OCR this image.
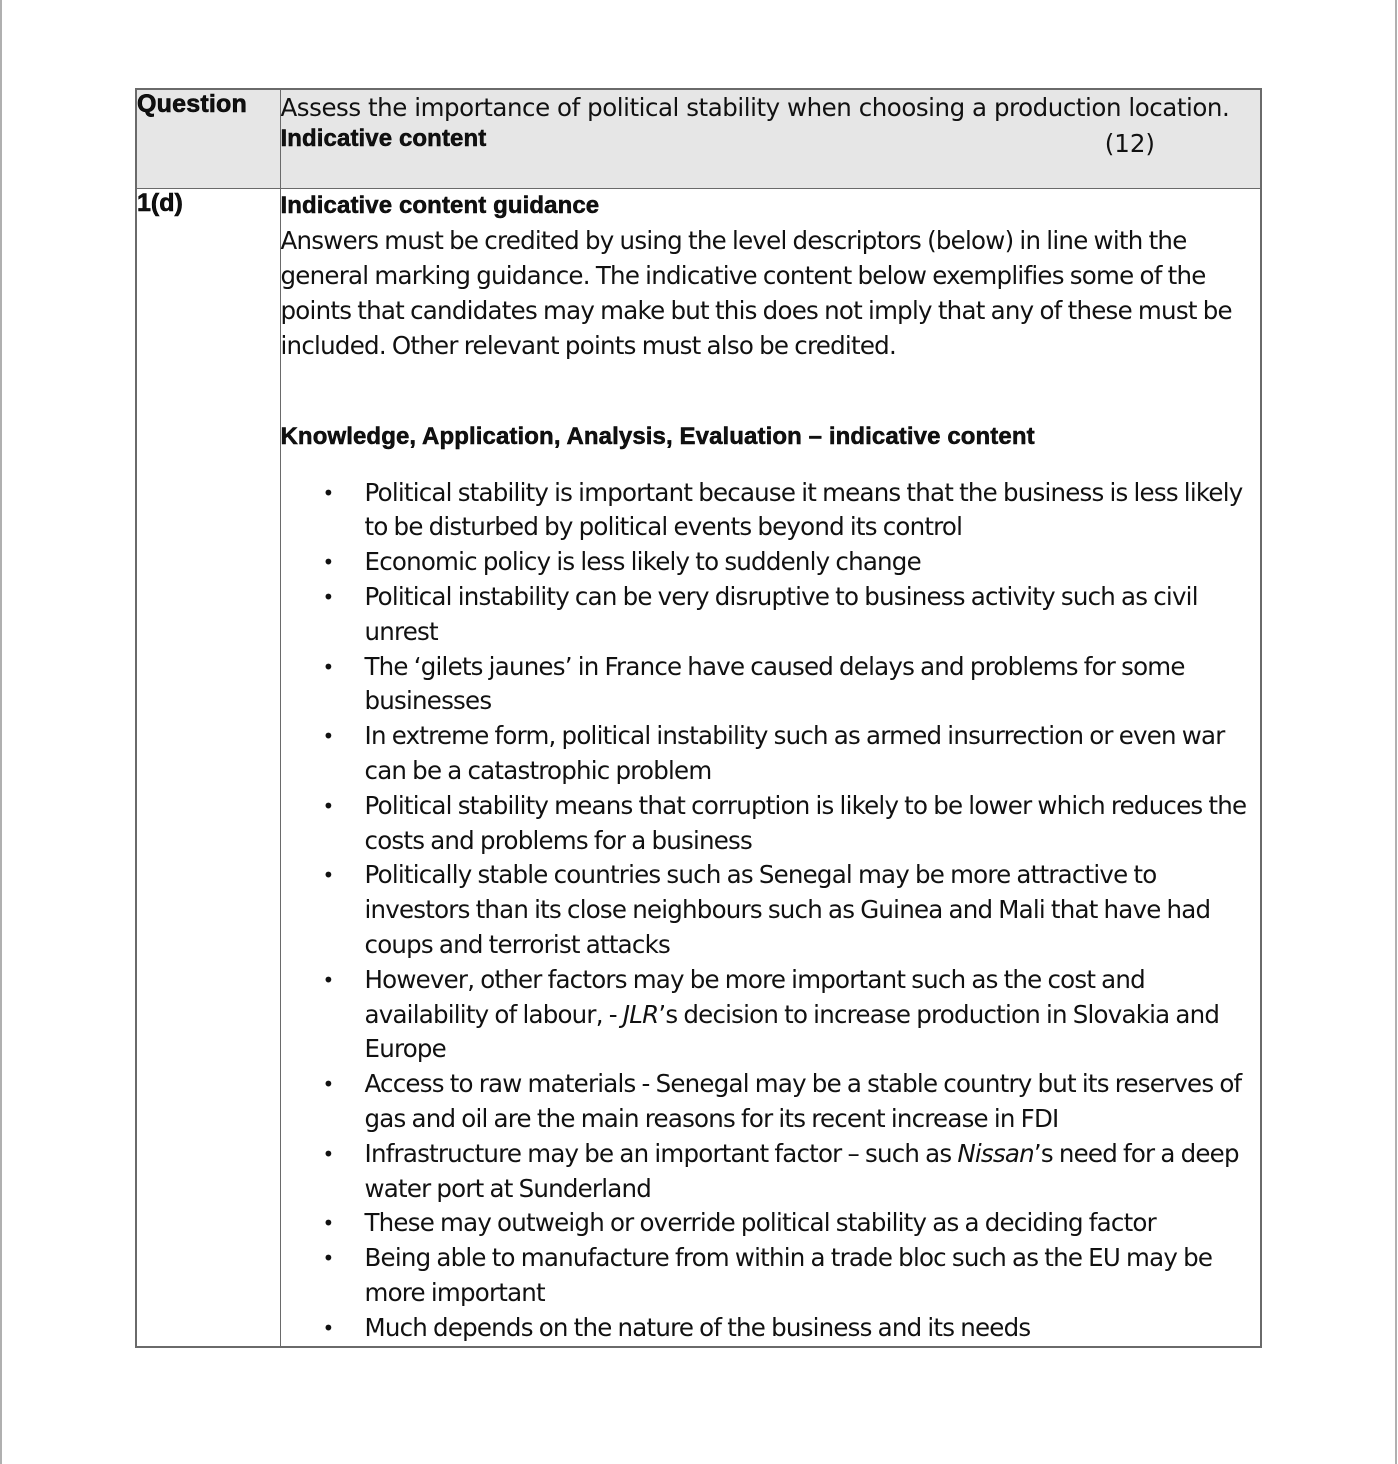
Question	Assess the importance of political stability when choosing a production location.
(12)
Indicative content

1(d)	Indicative content guidance
Answers must be credited by using the level descriptors (below) in line with the general marking guidance. The indicative content below exemplifies some of the points that candidates may make but this does not imply that any of these must be included. Other relevant points must also be credited.
Knowledge, Application, Analysis, Evaluation – indicative content
• Political stability is important because it means that the business is less likely to be disturbed by political events beyond its control
• Economic policy is less likely to suddenly change
• Political instability can be very disruptive to business activity such as civil unrest
• The ‘gilets jaunes’ in France have caused delays and problems for some businesses
• In extreme form, political instability such as armed insurrection or even war can be a catastrophic problem
• Political stability means that corruption is likely to be lower which reduces the costs and problems for a business
• Politically stable countries such as Senegal may be more attractive to investors than its close neighbours such as Guinea and Mali that have had coups and terrorist attacks
• However, other factors may be more important such as the cost and availability of labour, - JLR’s decision to increase production in Slovakia and Europe
• Access to raw materials - Senegal may be a stable country but its reserves of gas and oil are the main reasons for its recent increase in FDI
• Infrastructure may be an important factor – such as Nissan’s need for a deep water port at Sunderland
• These may outweigh or override political stability as a deciding factor
• Being able to manufacture from within a trade bloc such as the EU may be more important
• Much depends on the nature of the business and its needs
